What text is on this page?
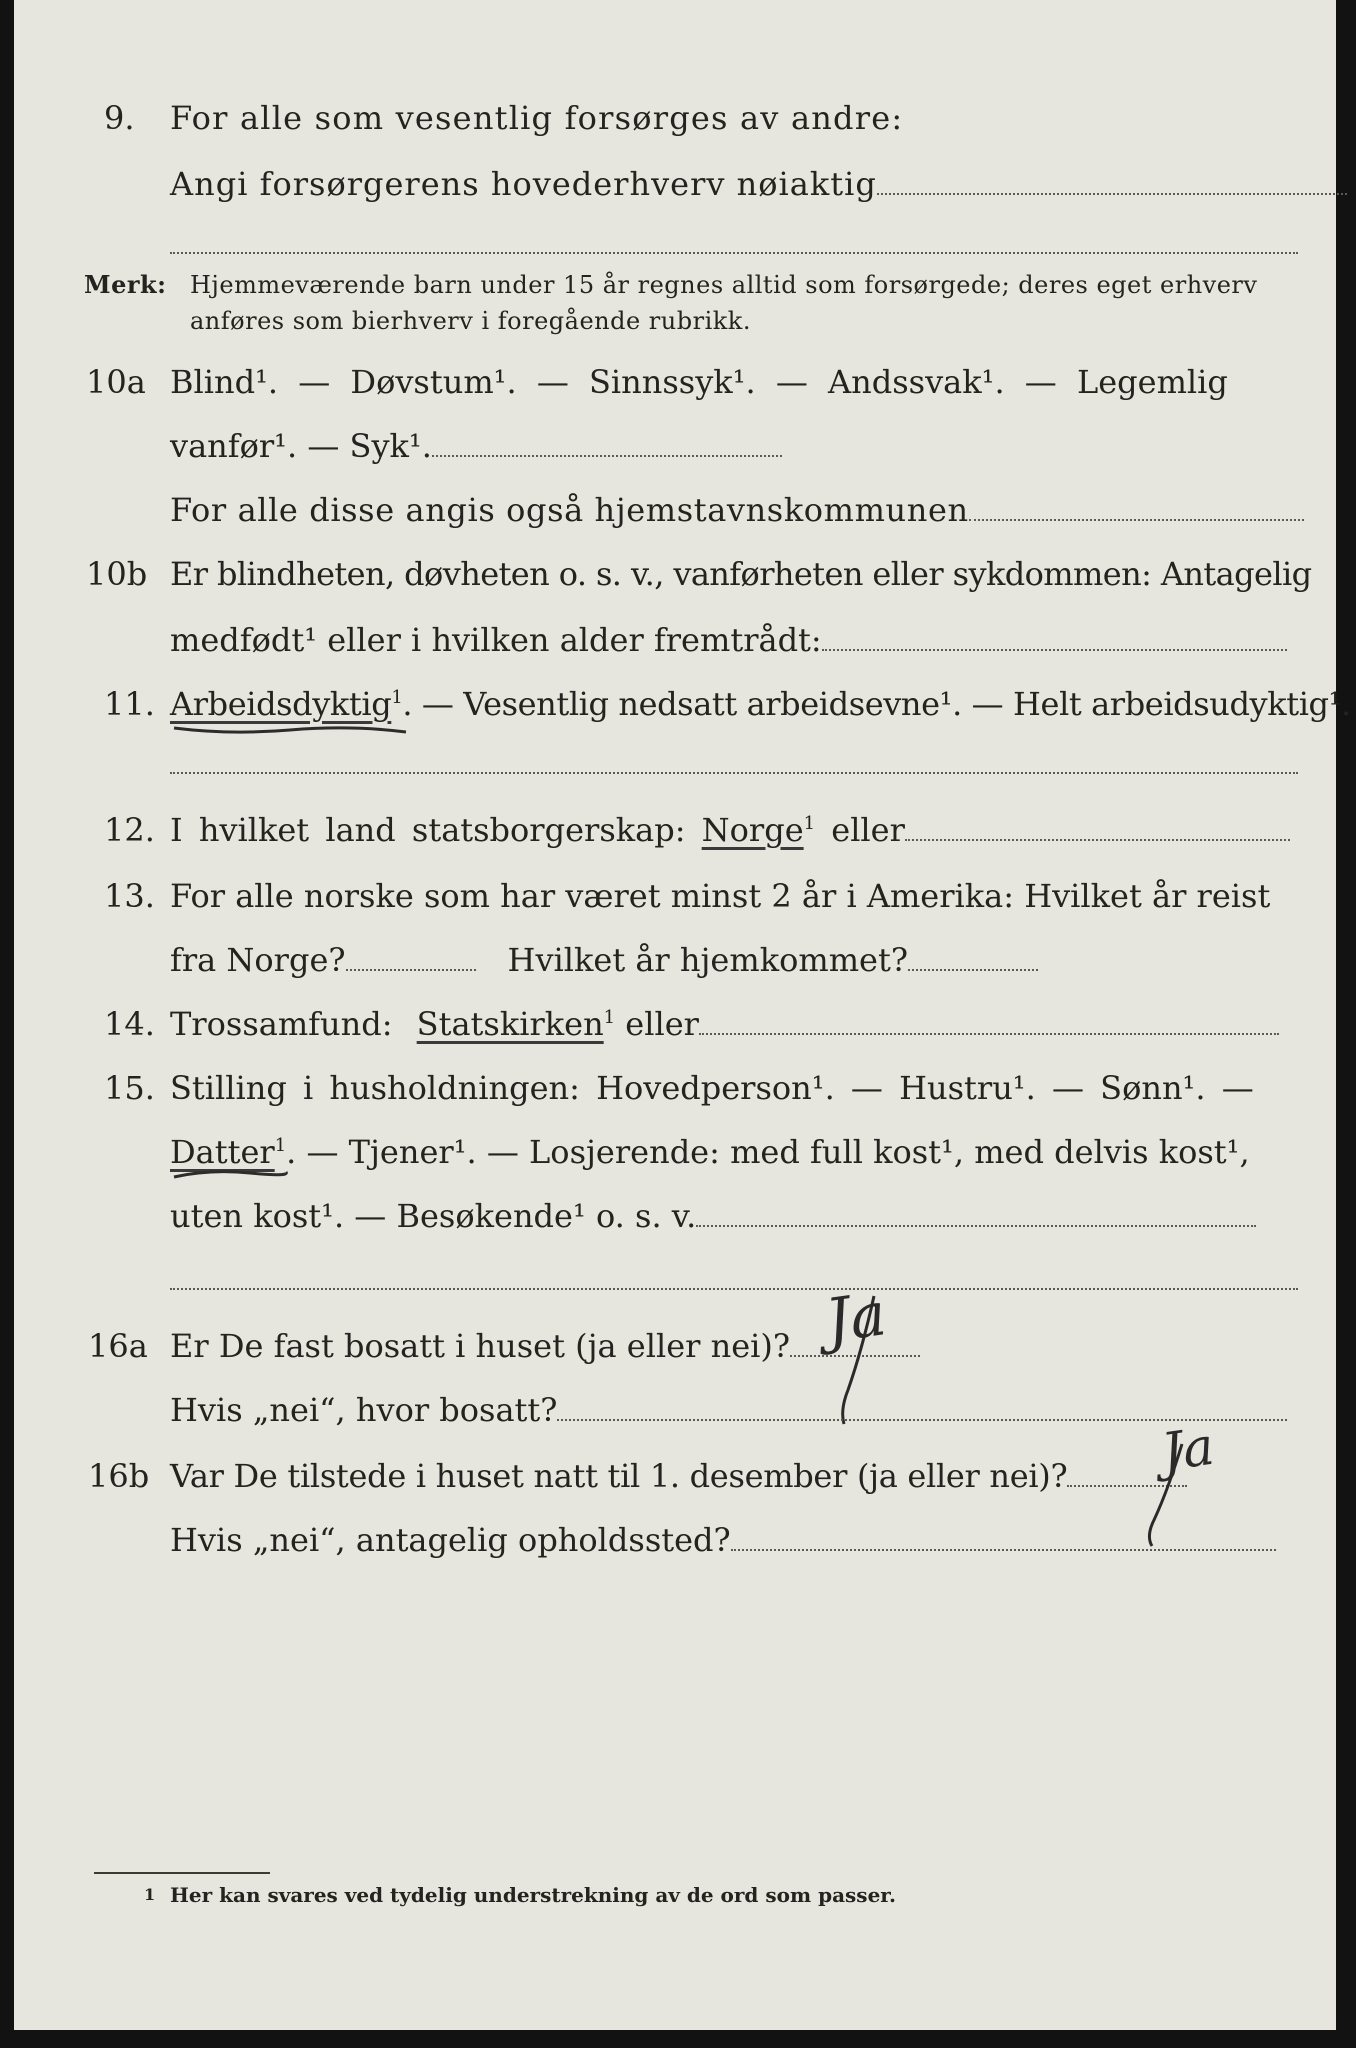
9. For alle som vesentlig forsørges av andre:
Angi forsørgerens hovederhverv nøiaktig
Merk: Hjemmeværende barn under 15 år regnes alltid som forsørgede; deres eget erhverv
anføres som bierhverv i foregående rubrikk.
10a Blind¹. — Døvstum¹. — Sinnssyk¹. — Andssvak¹. — Legemlig
vanfør¹. — Syk¹.
For alle disse angis også hjemstavnskommunen
10b Er blindheten, døvheten o. s. v., vanførheten eller sykdommen: Antagelig
medfødt¹ eller i hvilken alder fremtrådt:
11. Arbeidsdyktig$^1$. — Vesentlig nedsatt arbeidsevne¹. — Helt arbeidsudyktig¹.
12. I hvilket land statsborgerskap: Norge$^1$ eller
13. For alle norske som har været minst 2 år i Amerika: Hvilket år reist
fra Norge?	Hvilket år hjemkommet?
14. Trossamfund: Statskirken$^1$ eller
15. Stilling i husholdningen: Hovedperson¹. — Hustru¹. — Sønn¹. —
Datter$^1$. — Tjener¹. — Losjerende: med full kost¹, med delvis kost¹,
uten kost¹. — Besøkende¹ o. s. v.
16a Er De fast bosatt i huset (ja eller nei)? Ja
Hvis „nei“, hvor bosatt?
16b Var De tilstede i huset natt til 1. desember (ja eller nei)?	Ja
Hvis „nei“, antagelig opholdssted?
1 Her kan svares ved tydelig understrekning av de ord som passer.
